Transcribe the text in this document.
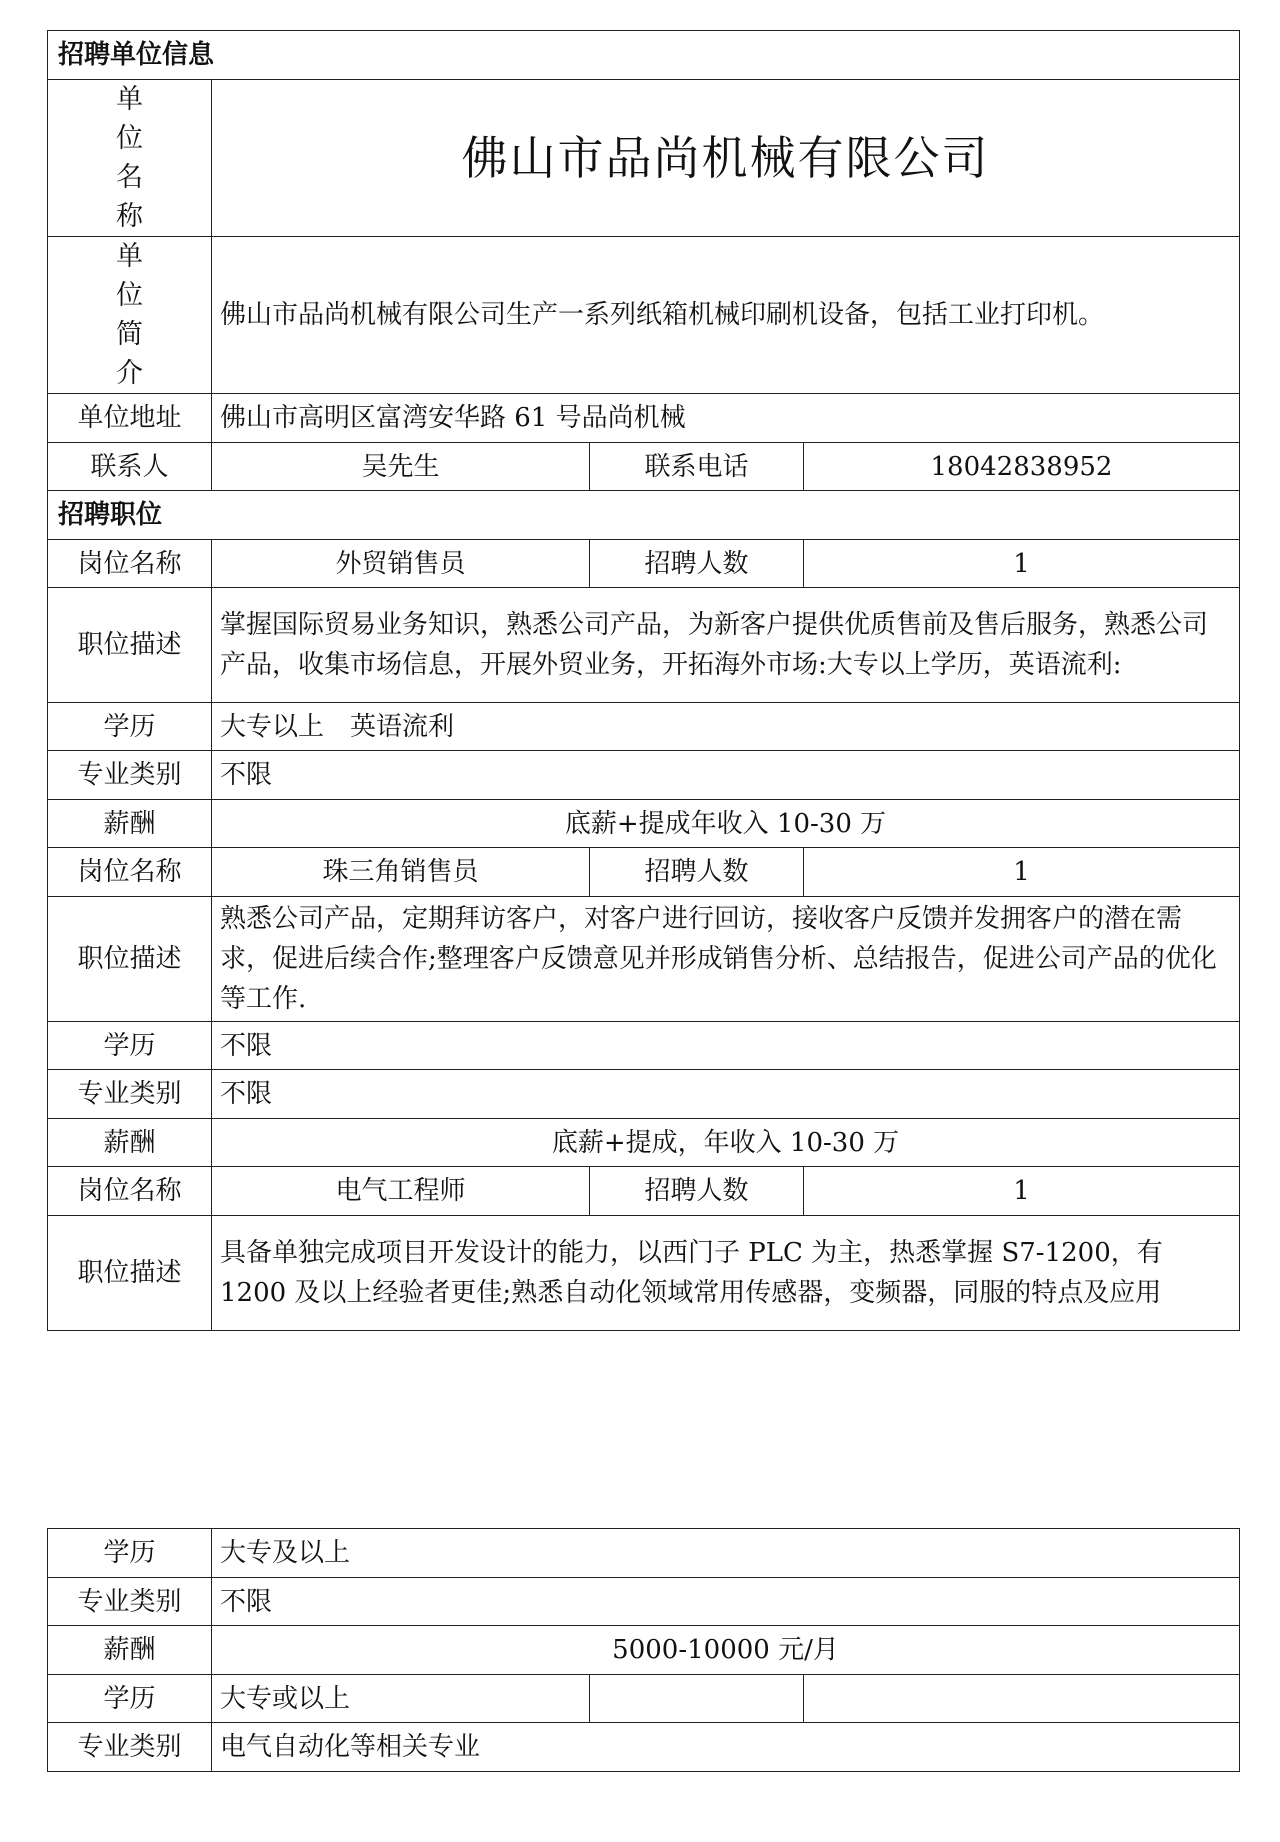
招聘单位信息			

单
位
名
称	佛山市品尚机械有限公司		

单
位
简
介	佛山市品尚机械有限公司生产一系列纸箱机械印刷机设备，包括工业打印机。		
单位地址	佛山市高明区富湾安华路 61 号品尚机械		
联系人	吴先生	联系电话	18042838952
招聘职位			
岗位名称	外贸销售员	招聘人数	1
职位描述	掌握国际贸易业务知识，熟悉公司产品，为新客户提供优质售前及售后服务，熟悉公司产品，收集市场信息，开展外贸业务，开拓海外市场:大专以上学历，英语流利:		
学历	大专以上　英语流利		
专业类别	不限		
薪酬	底薪+提成年收入 10-30 万		
岗位名称	珠三角销售员	招聘人数	1
职位描述	熟悉公司产品，定期拜访客户，对客户进行回访，接收客户反馈并发拥客户的潜在需求，促进后续合作;整理客户反馈意见并形成销售分析、总结报告，促进公司产品的优化等工作.		
学历	不限		
专业类别	不限		
薪酬	底薪+提成，年收入 10-30 万		
岗位名称	电气工程师	招聘人数	1
职位描述	具备单独完成项目开发设计的能力，以西门子 PLC 为主，热悉掌握 S7-1200，有 1200 及以上经验者更佳;熟悉自动化领域常用传感器，变频器，同服的特点及应用		
学历	大专及以上		
专业类别	不限		
薪酬	5000-10000 元/月		
学历	大专或以上		
专业类别	电气自动化等相关专业		
